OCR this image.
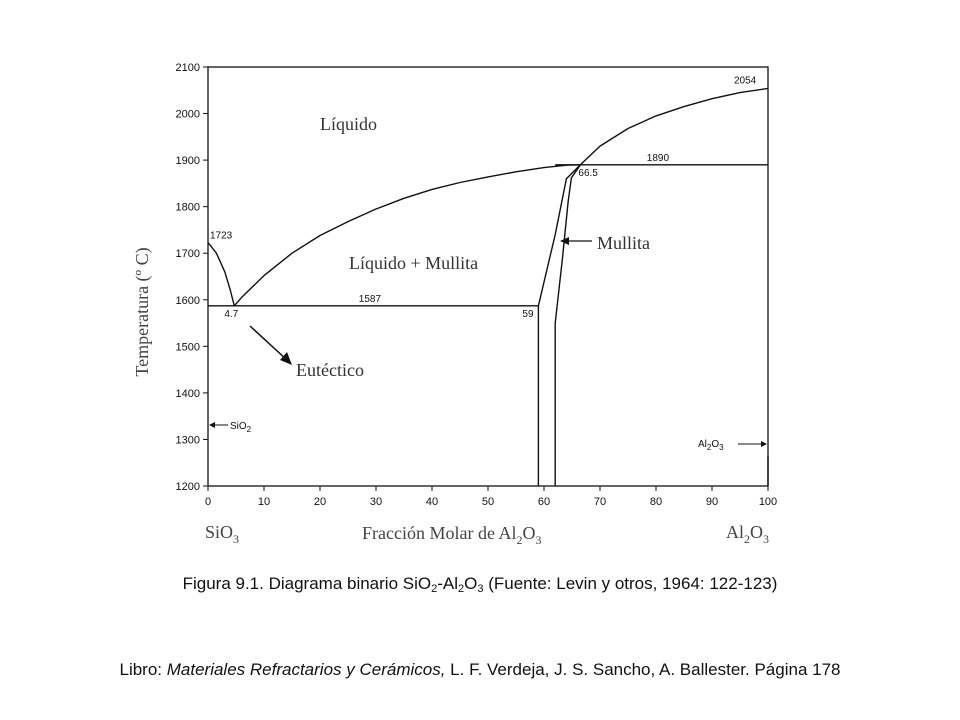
0	10	20	30	40	50	60	70	80	90	100
1200
1300
1400
1500
1600
1700
1800
1900
2000
2100
1723
4.7
1587
59
66.5
1890
2054
Líquido
Líquido + Mullita
Mullita
Eutéctico
SiO$_2$
$Al_2O_3$
Temperatura (º C)
Fracción Molar de $Al_2O_3$
SiO$_3$	$Al_2O_3$
Figura 9.1. Diagrama binario $SiO_2-Al_2O_3$ (Fuente: Levin y otros, 1964: 122-123)
Libro: Materiales Refractarios y Cerámicos, L. F. Verdeja, J. S. Sancho, A. Ballester. Página 178
